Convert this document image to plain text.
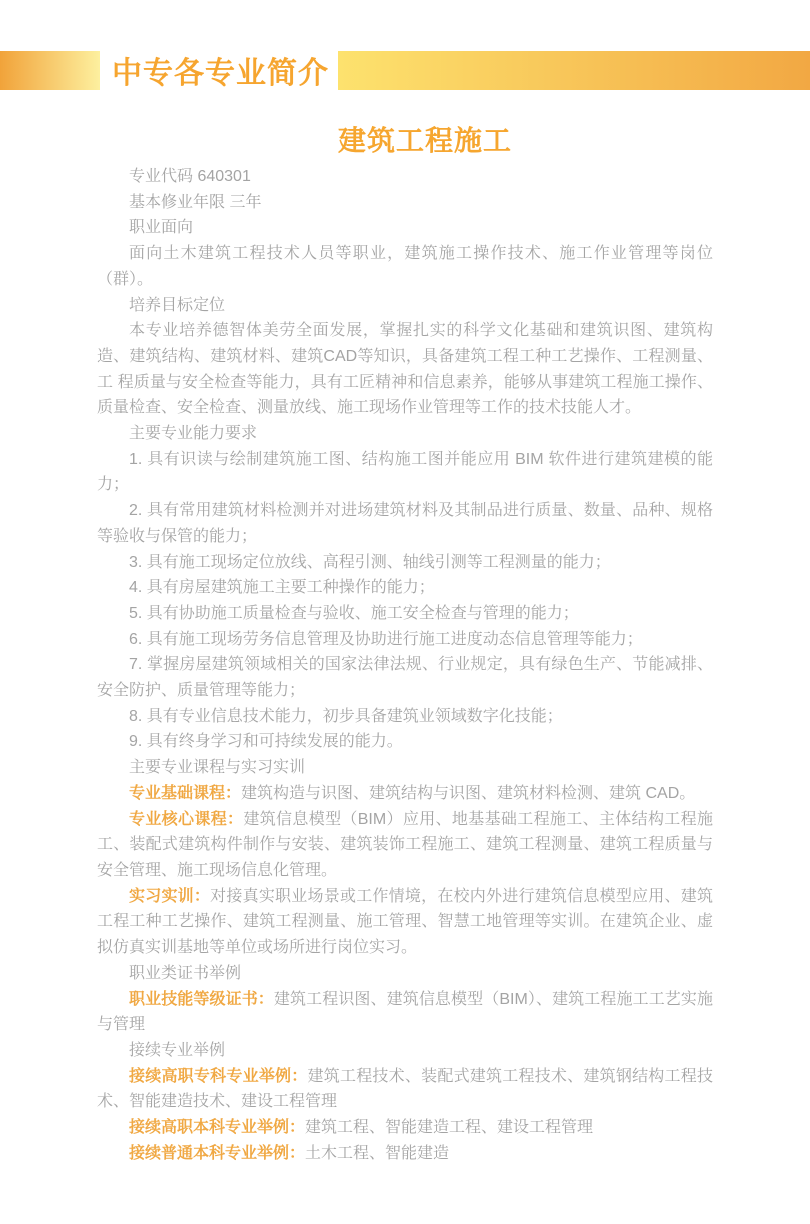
中专各专业简介
建筑工程施工

专业代码 640301

基本修业年限 三年

职业面向

面向土木建筑工程技术人员等职业，建筑施工操作技术、施工作业管理等岗位（群）。

培养目标定位

本专业培养德智体美劳全面发展，掌握扎实的科学文化基础和建筑识图、建筑构造、建筑结构、建筑材料、建筑CAD等知识，具备建筑工程工种工艺操作、工程测量、工 程质量与安全检查等能力，具有工匠精神和信息素养，能够从事建筑工程施工操作、质量检查、安全检查、测量放线、施工现场作业管理等工作的技术技能人才。

主要专业能力要求

1. 具有识读与绘制建筑施工图、结构施工图并能应用 BIM 软件进行建筑建模的能力；

2. 具有常用建筑材料检测并对进场建筑材料及其制品进行质量、数量、品种、规格等验收与保管的能力；

3. 具有施工现场定位放线、高程引测、轴线引测等工程测量的能力；

4. 具有房屋建筑施工主要工种操作的能力；

5. 具有协助施工质量检查与验收、施工安全检查与管理的能力；

6. 具有施工现场劳务信息管理及协助进行施工进度动态信息管理等能力；

7. 掌握房屋建筑领域相关的国家法律法规、行业规定，具有绿色生产、节能减排、 安全防护、质量管理等能力；

8. 具有专业信息技术能力，初步具备建筑业领域数字化技能；

9. 具有终身学习和可持续发展的能力。

主要专业课程与实习实训

专业基础课程：建筑构造与识图、建筑结构与识图、建筑材料检测、建筑 CAD。

专业核心课程：建筑信息模型（BIM）应用、地基基础工程施工、主体结构工程施工、装配式建筑构件制作与安装、建筑装饰工程施工、建筑工程测量、建筑工程质量与安全管理、施工现场信息化管理。

实习实训：对接真实职业场景或工作情境，在校内外进行建筑信息模型应用、建筑工程工种工艺操作、建筑工程测量、施工管理、智慧工地管理等实训。在建筑企业、虚拟仿真实训基地等单位或场所进行岗位实习。

职业类证书举例

职业技能等级证书：建筑工程识图、建筑信息模型（BIM）、建筑工程施工工艺实施与管理

接续专业举例

接续高职专科专业举例：建筑工程技术、装配式建筑工程技术、建筑钢结构工程技术、智能建造技术、建设工程管理

接续高职本科专业举例：建筑工程、智能建造工程、建设工程管理

接续普通本科专业举例：土木工程、智能建造
